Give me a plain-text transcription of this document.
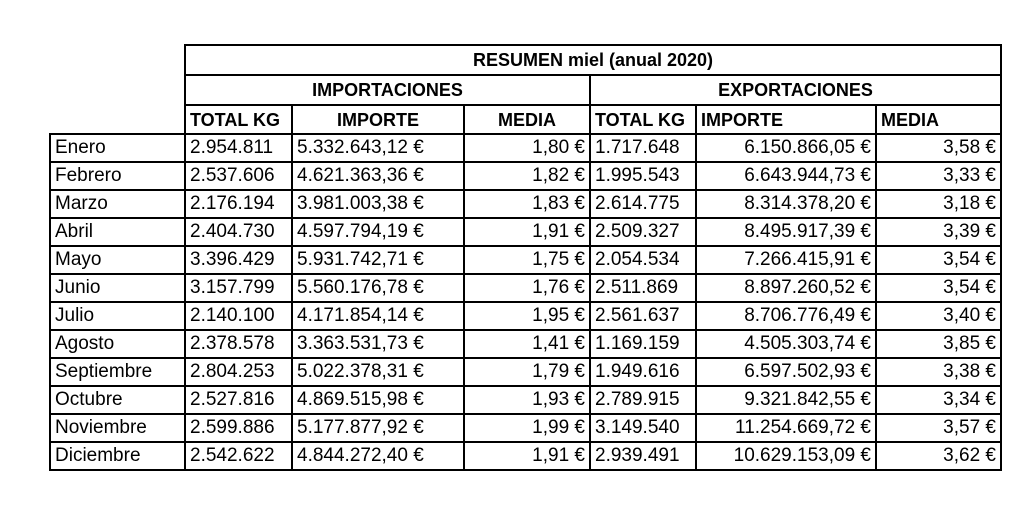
	RESUMEN miel (anual 2020)					
	IMPORTACIONES			EXPORTACIONES		
	TOTAL KG	IMPORTE	MEDIA	TOTAL KG	IMPORTE	MEDIA
Enero	2.954.811	5.332.643,12 €	1,80 €	1.717.648	6.150.866,05 €	3,58 €
Febrero	2.537.606	4.621.363,36 €	1,82 €	1.995.543	6.643.944,73 €	3,33 €
Marzo	2.176.194	3.981.003,38 €	1,83 €	2.614.775	8.314.378,20 €	3,18 €
Abril	2.404.730	4.597.794,19 €	1,91 €	2.509.327	8.495.917,39 €	3,39 €
Mayo	3.396.429	5.931.742,71 €	1,75 €	2.054.534	7.266.415,91 €	3,54 €
Junio	3.157.799	5.560.176,78 €	1,76 €	2.511.869	8.897.260,52 €	3,54 €
Julio	2.140.100	4.171.854,14 €	1,95 €	2.561.637	8.706.776,49 €	3,40 €
Agosto	2.378.578	3.363.531,73 €	1,41 €	1.169.159	4.505.303,74 €	3,85 €
Septiembre	2.804.253	5.022.378,31 €	1,79 €	1.949.616	6.597.502,93 €	3,38 €
Octubre	2.527.816	4.869.515,98 €	1,93 €	2.789.915	9.321.842,55 €	3,34 €
Noviembre	2.599.886	5.177.877,92 €	1,99 €	3.149.540	11.254.669,72 €	3,57 €
Diciembre	2.542.622	4.844.272,40 €	1,91 €	2.939.491	10.629.153,09 €	3,62 €
